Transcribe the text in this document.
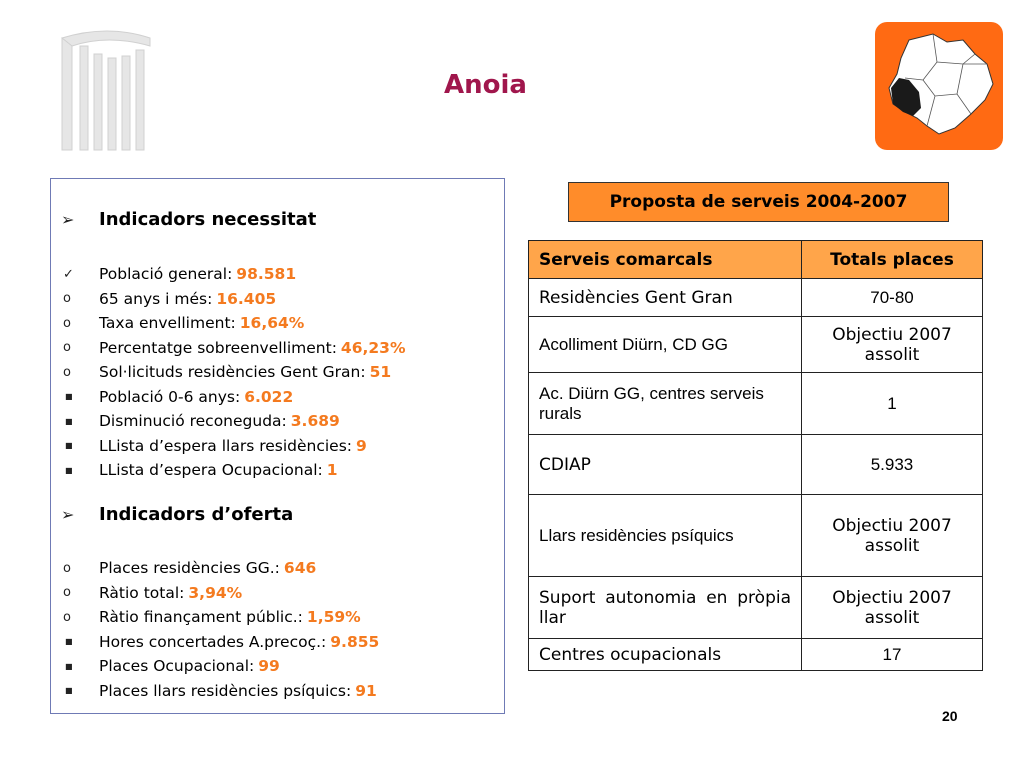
Anoia
➢	Indicadors necessitat
✓	Població general: 98.581
o	65 anys i més: 16.405
o	Taxa envelliment: 16,64%
o	Percentatge sobreenvelliment: 46,23%
o	Sol·licituds residències Gent Gran: 51
■	Població 0-6 anys: 6.022
■	Disminució reconeguda: 3.689
■	LLista d’espera llars residències: 9
■	LLista d’espera Ocupacional: 1
➢	Indicadors d’oferta
o	Places residències GG.: 646
o	Ràtio total: 3,94%
o	Ràtio finançament públic.: 1,59%
■	Hores concertades A.precoç.: 9.855
■	Places Ocupacional: 99
■	Places llars residències psíquics: 91
Proposta de serveis 2004-2007
Serveis comarcals	Totals places
Residències Gent Gran	70-80
Acolliment Diürn, CD GG	Objectiu 2007 assolit
Ac. Diürn GG, centres serveis rurals	1
CDIAP	5.933
Llars residències psíquics	Objectiu 2007 assolit
Suport autonomia en pròpia llar	Objectiu 2007 assolit
Centres ocupacionals	17
20
